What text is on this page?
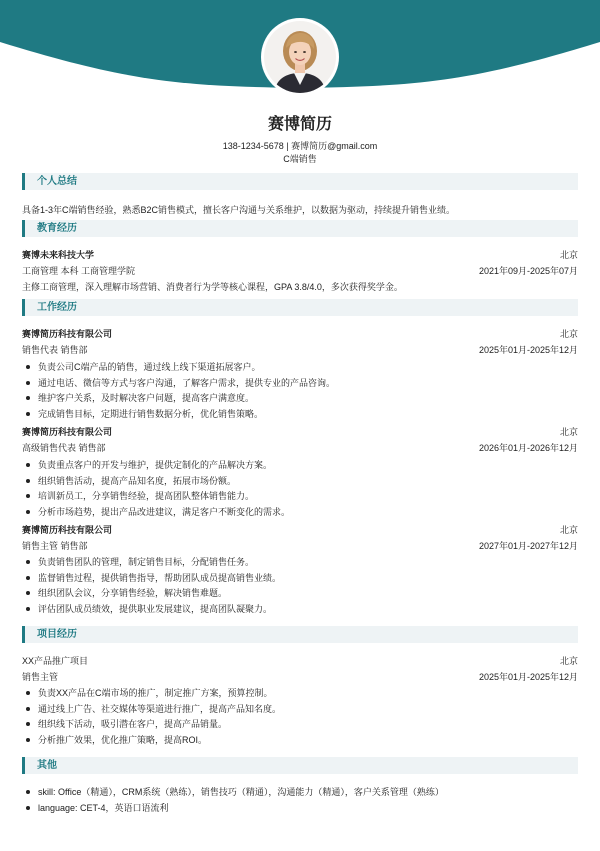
赛博简历
138-1234-5678 | 赛博简历@gmail.com
C端销售
个人总结
具备1-3年C端销售经验，熟悉B2C销售模式，擅长客户沟通与关系维护，以数据为驱动，持续提升销售业绩。
教育经历
赛博未来科技大学	北京
工商管理 本科 工商管理学院	2021年09月-2025年07月
主修工商管理，深入理解市场营销、消费者行为学等核心课程，GPA 3.8/4.0，多次获得奖学金。
工作经历
赛博简历科技有限公司	北京
销售代表 销售部	2025年01月-2025年12月
负责公司C端产品的销售，通过线上线下渠道拓展客户。
通过电话、微信等方式与客户沟通，了解客户需求，提供专业的产品咨询。
维护客户关系，及时解决客户问题，提高客户满意度。
完成销售目标，定期进行销售数据分析，优化销售策略。
赛博简历科技有限公司	北京
高级销售代表 销售部	2026年01月-2026年12月
负责重点客户的开发与维护，提供定制化的产品解决方案。
组织销售活动，提高产品知名度，拓展市场份额。
培训新员工，分享销售经验，提高团队整体销售能力。
分析市场趋势，提出产品改进建议，满足客户不断变化的需求。
赛博简历科技有限公司	北京
销售主管 销售部	2027年01月-2027年12月
负责销售团队的管理，制定销售目标，分配销售任务。
监督销售过程，提供销售指导，帮助团队成员提高销售业绩。
组织团队会议，分享销售经验，解决销售难题。
评估团队成员绩效，提供职业发展建议，提高团队凝聚力。
项目经历
XX产品推广项目	北京
销售主管	2025年01月-2025年12月
负责XX产品在C端市场的推广，制定推广方案，预算控制。
通过线上广告、社交媒体等渠道进行推广，提高产品知名度。
组织线下活动，吸引潜在客户，提高产品销量。
分析推广效果，优化推广策略，提高ROI。
其他
skill: Office（精通），CRM系统（熟练），销售技巧（精通），沟通能力（精通），客户关系管理（熟练）
language: CET-4，英语口语流利
